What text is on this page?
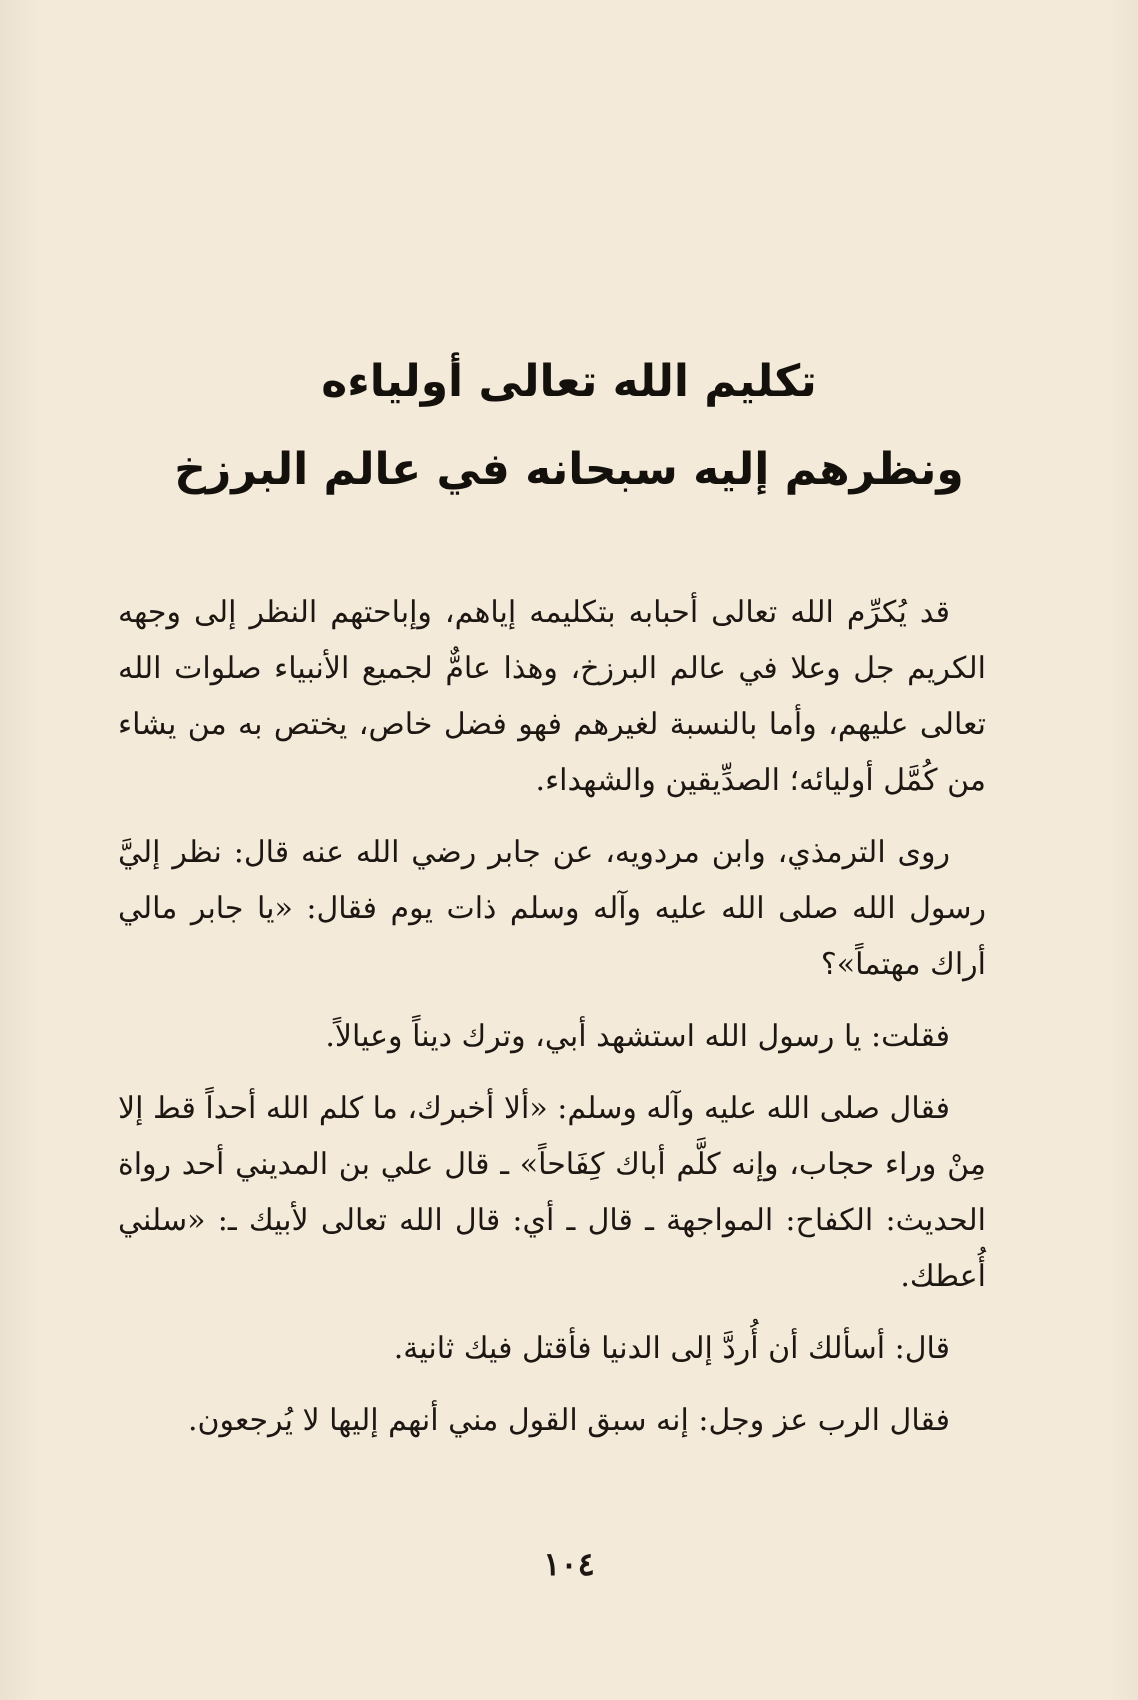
تكليم الله تعالى أولياءه
ونظرهم إليه سبحانه في عالم البرزخ

قد يُكرِّم الله تعالى أحبابه بتكليمه إياهم، وإباحتهم النظر إلى وجهه الكريم جل وعلا في عالم البرزخ، وهذا عامٌّ لجميع الأنبياء صلوات الله تعالى عليهم، وأما بالنسبة لغيرهم فهو فضل خاص، يختص به من يشاء من كُمَّل أوليائه؛ الصدِّيقين والشهداء.

روى الترمذي، وابن مردويه، عن جابر رضي الله عنه قال: نظر إليَّ رسول الله صلى الله عليه وآله وسلم ذات يوم فقال: «يا جابر مالي أراك مهتماً»؟

فقلت: يا رسول الله استشهد أبي، وترك ديناً وعيالاً.

فقال صلى الله عليه وآله وسلم: «ألا أخبرك، ما كلم الله أحداً قط إلا مِنْ وراء حجاب، وإنه كلَّم أباك كِفَاحاً» ـ قال علي بن المديني أحد رواة الحديث: الكفاح: المواجهة ـ قال ـ أي: قال الله تعالى لأبيك ـ: «سلني أُعطك.

قال: أسألك أن أُردَّ إلى الدنيا فأقتل فيك ثانية.

فقال الرب عز وجل: إنه سبق القول مني أنهم إليها لا يُرجعون.

١٠٤
